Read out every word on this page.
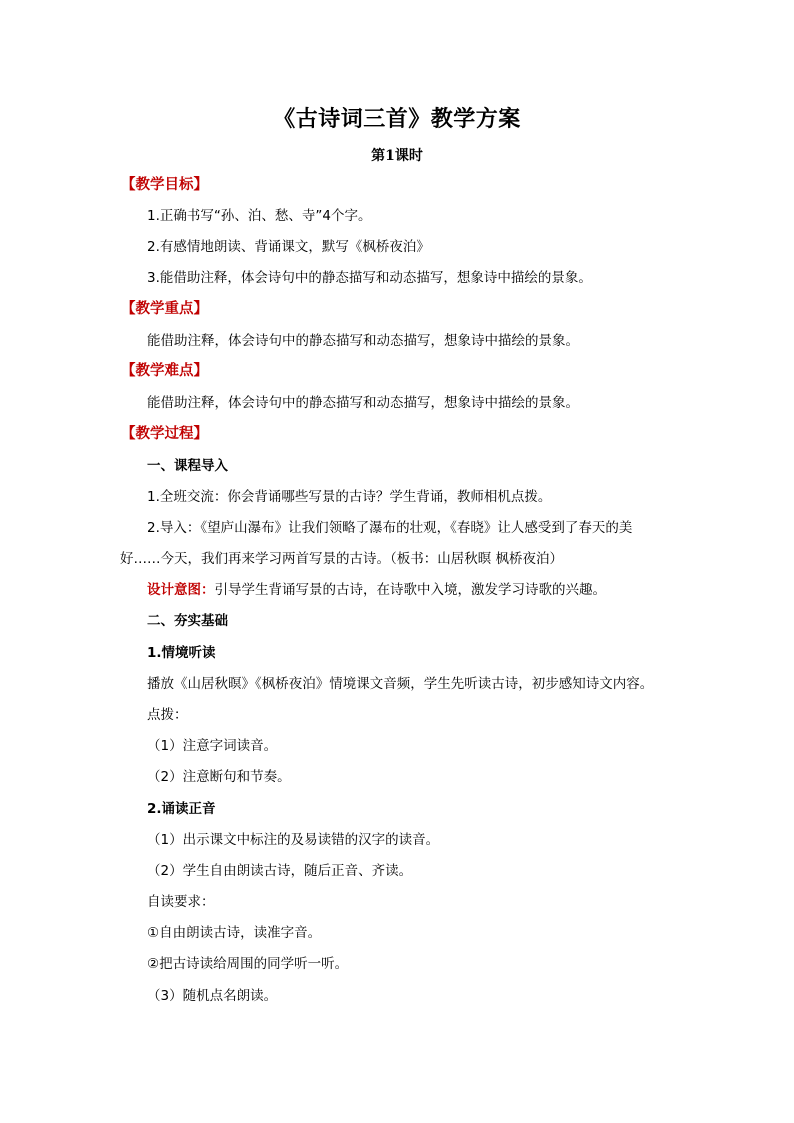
《古诗词三首》教学方案
第1课时
【教学目标】
1.正确书写“孙、泊、愁、寺”4个字。
2.有感情地朗读、背诵课文，默写《枫桥夜泊》
3.能借助注释，体会诗句中的静态描写和动态描写，想象诗中描绘的景象。
【教学重点】
能借助注释，体会诗句中的静态描写和动态描写，想象诗中描绘的景象。
【教学难点】
能借助注释，体会诗句中的静态描写和动态描写，想象诗中描绘的景象。
【教学过程】
一、课程导入
1.全班交流：你会背诵哪些写景的古诗？学生背诵，教师相机点拨。
2.导入：《望庐山瀑布》让我们领略了瀑布的壮观，《春晓》让人感受到了春天的美
好……今天，我们再来学习两首写景的古诗。（板书：山居秋暝 枫桥夜泊）
设计意图：引导学生背诵写景的古诗，在诗歌中入境，激发学习诗歌的兴趣。
二、夯实基础
1.情境听读
播放《山居秋暝》《枫桥夜泊》情境课文音频，学生先听读古诗，初步感知诗文内容。
点拨：
（1）注意字词读音。
（2）注意断句和节奏。
2.诵读正音
（1）出示课文中标注的及易读错的汉字的读音。
（2）学生自由朗读古诗，随后正音、齐读。
自读要求：
①自由朗读古诗，读准字音。
②把古诗读给周围的同学听一听。
（3）随机点名朗读。
